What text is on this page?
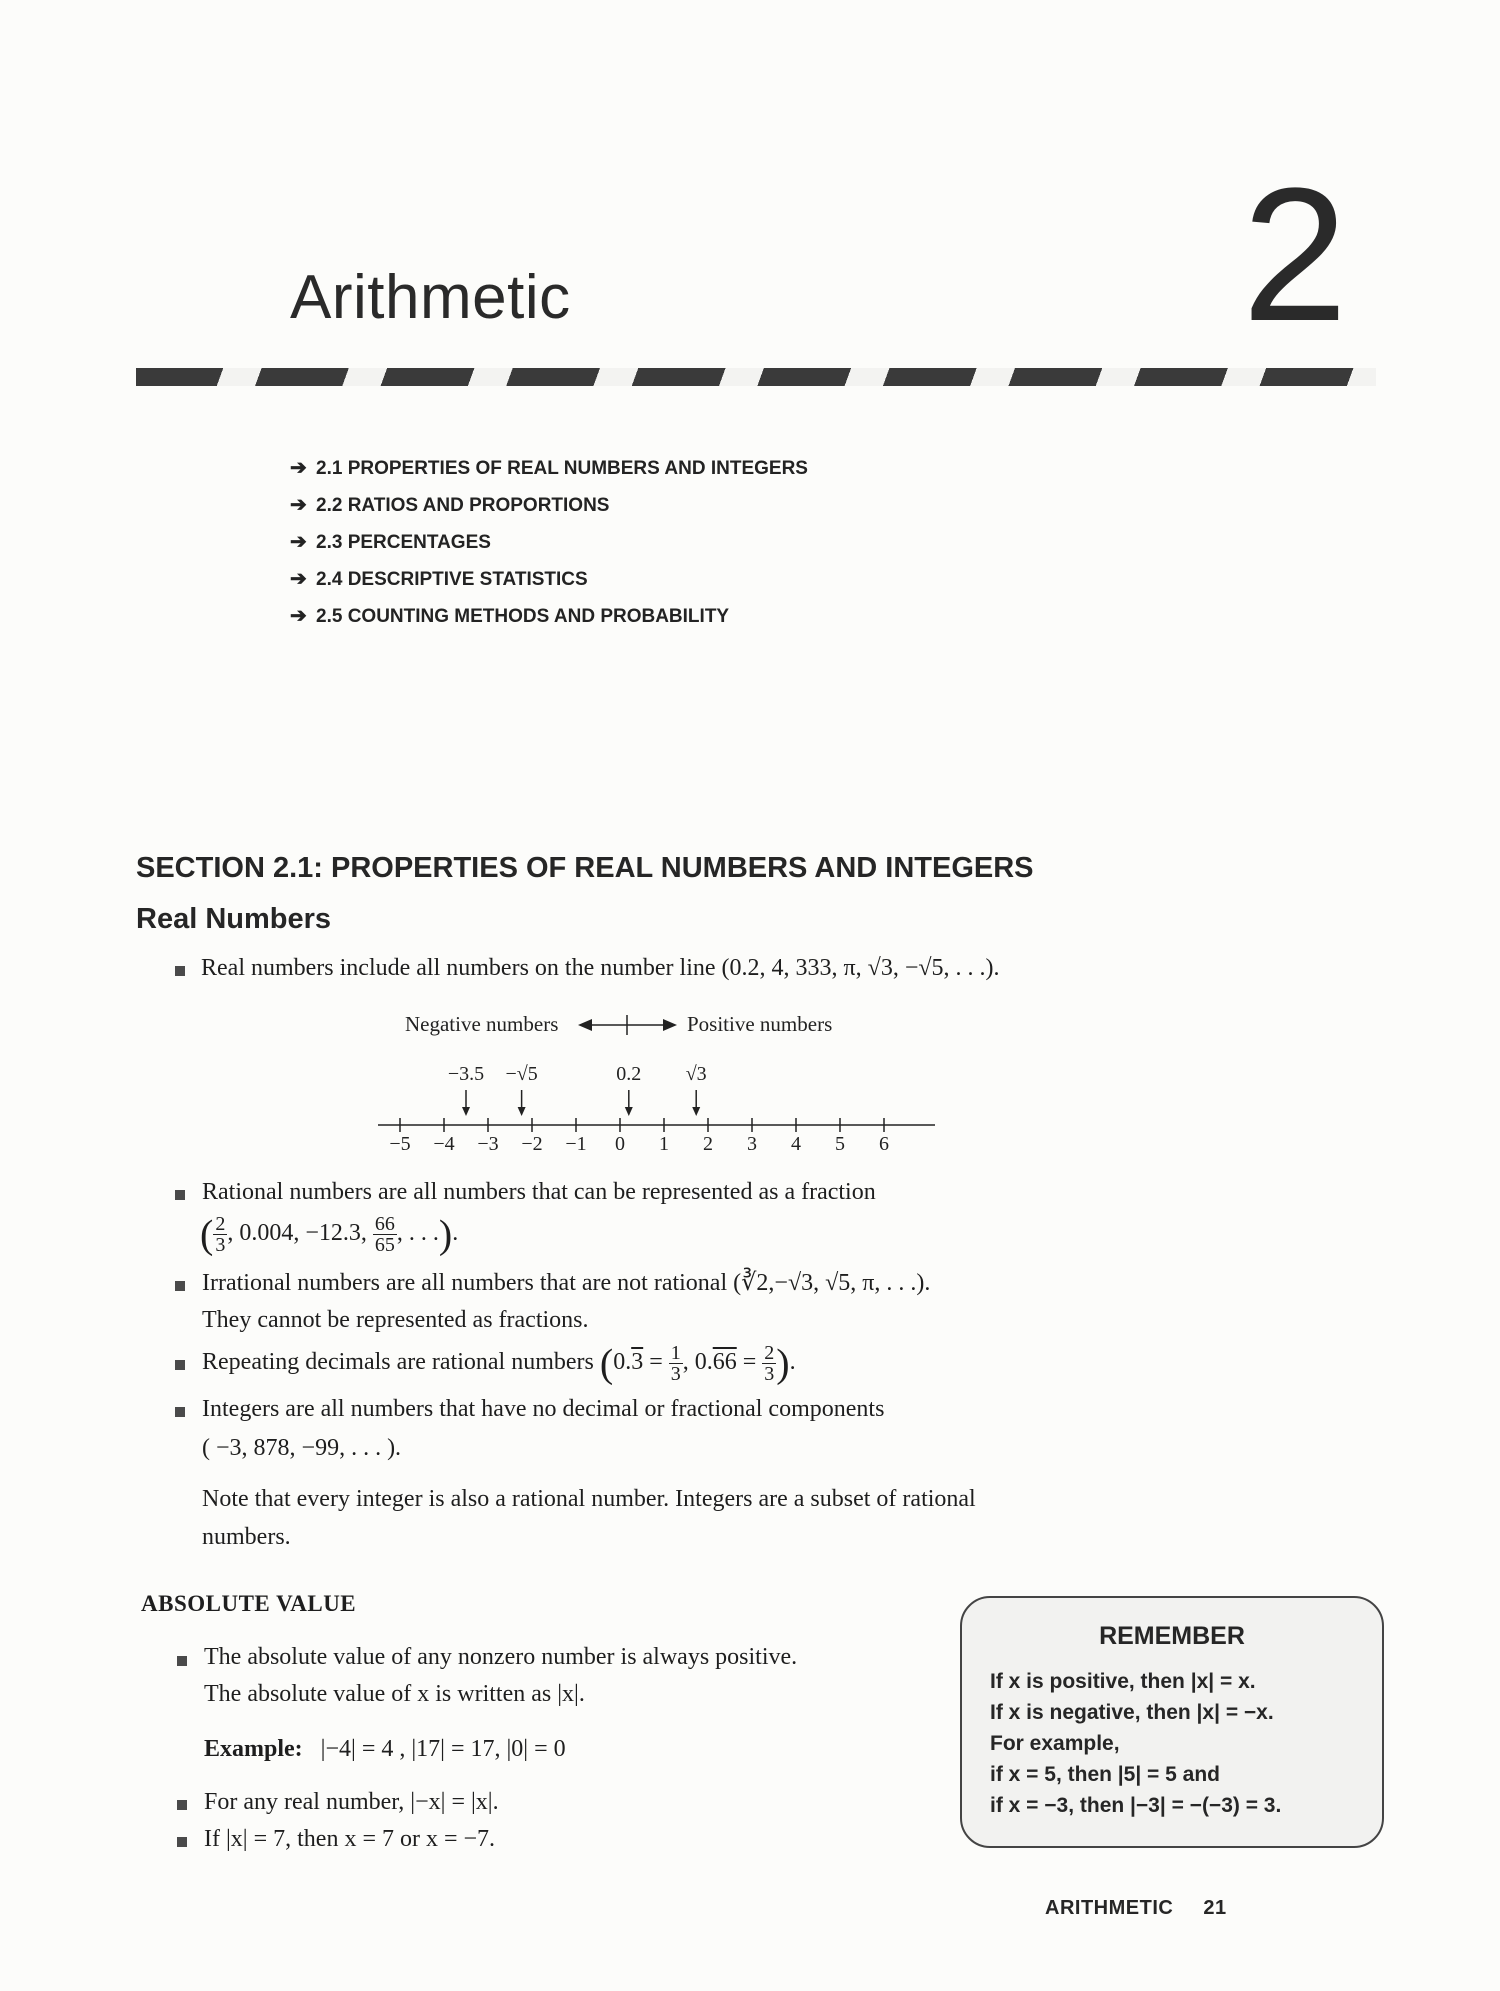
Arithmetic	2
➔ 2.1 PROPERTIES OF REAL NUMBERS AND INTEGERS
➔ 2.2 RATIOS AND PROPORTIONS
➔ 2.3 PERCENTAGES
➔ 2.4 DESCRIPTIVE STATISTICS
➔ 2.5 COUNTING METHODS AND PROBABILITY
SECTION 2.1: PROPERTIES OF REAL NUMBERS AND INTEGERS
Real Numbers
Real numbers include all numbers on the number line (0.2, 4, 333, π, √3, −√5, . . .).
Negative numbers	Positive numbers
−3.5 −√5	0.2 √3
−5 −4 −3 −2 −1 0 1 2 3 4 5 6
Rational numbers are all numbers that can be represented as a fraction
( $\frac{2}{3}$ , 0.004, −12.3, $\frac{66}{65}$ , . . .).
Irrational numbers are all numbers that are not rational (∛2,−√3, √5, π, . . .).
They cannot be represented as fractions.
Repeating decimals are rational numbers ($0.3 = \frac{1}{3}$ , $0.66 = \frac{2}{3}$ ).
Integers are all numbers that have no decimal or fractional components
( −3, 878, −99, . . . ).
Note that every integer is also a rational number. Integers are a subset of rational
numbers.
ABSOLUTE VALUE
The absolute value of any nonzero number is always positive.
The absolute value of x is written as |x|.
Example: |−4| = 4 , |17| = 17, |0| = 0
For any real number, |−x| = |x|.
If |x| = 7, then x = 7 or x = −7.
REMEMBER
If x is positive, then |x| = x.
If x is negative, then |x| = −x.
For example,
if x = 5, then |5| = 5 and
if x = −3, then |−3| = −(−3) = 3.
ARITHMETIC 21
